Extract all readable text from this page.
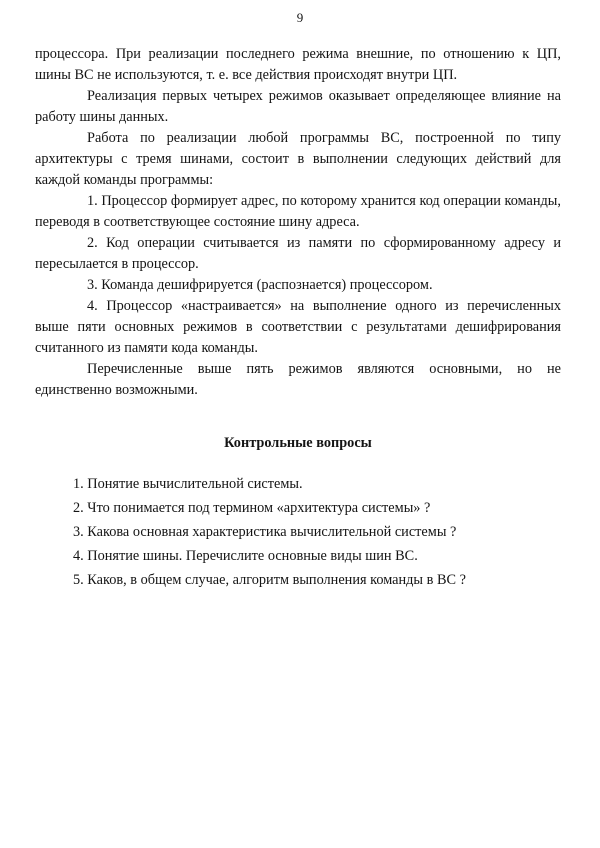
9

процессора. При реализации последнего режима внешние, по отношению к ЦП, шины ВС не используются, т. е. все действия происходят внутри ЦП.

Реализация первых четырех режимов оказывает определяющее влияние на работу шины данных.

Работа по реализации любой программы ВС, построенной по типу архитектуры с тремя шинами, состоит в выполнении следующих действий для каждой команды программы:

1. Процессор формирует адрес, по которому хранится код операции команды, переводя в соответствующее состояние шину адреса.

2. Код операции считывается из памяти по сформированному адресу и пересылается в процессор.

3. Команда дешифрируется (распознается) процессором.

4. Процессор «настраивается» на выполнение одного из перечисленных выше пяти основных режимов в соответствии с результатами дешифрирования считанного из памяти кода команды.

Перечисленные выше пять режимов являются основными, но не единственно возможными.

Контрольные вопросы

1. Понятие вычислительной системы.
2. Что понимается под термином «архитектура системы» ?
3. Какова основная характеристика вычислительной системы ?
4. Понятие шины. Перечислите основные виды шин ВС.
5. Каков, в общем случае, алгоритм выполнения команды в ВС ?
